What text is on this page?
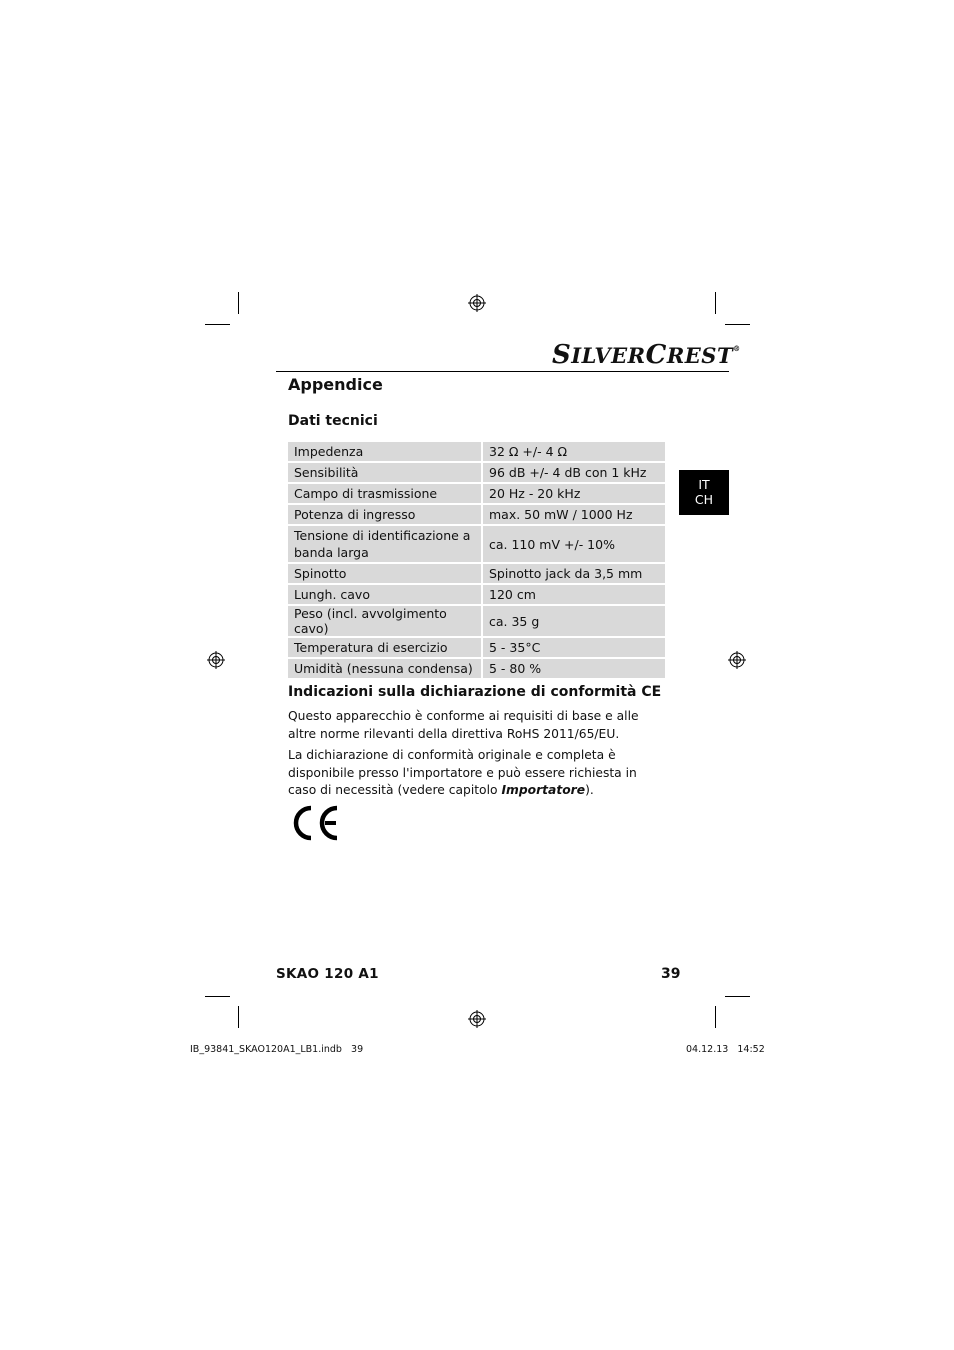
SILVERCREST®
Appendice
Dati tecnici
Impedenza	32 Ω +/- 4 Ω
Sensibilità	96 dB +/- 4 dB con 1 kHz
Campo di trasmissione	20 Hz - 20 kHz
Potenza di ingresso	max. 50 mW / 1000 Hz
Tensione di identificazione a banda larga	ca. 110 mV +/- 10%
Spinotto	Spinotto jack da 3,5 mm
Lungh. cavo	120 cm
Peso (incl. avvolgimento cavo)	ca. 35 g
Temperatura di esercizio	5 - 35°C
Umidità (nessuna condensa)	5 - 80 %
IT
CH
Indicazioni sulla dichiarazione di conformità CE

Questo apparecchio è conforme ai requisiti di base e alle altre norme rilevanti della direttiva RoHS 2011/65/EU.

La dichiarazione di conformità originale e completa è disponibile presso l'importatore e può essere richiesta in caso di necessità (vedere capitolo Importatore).

SKAO 120 A1	39
IB_93841_SKAO120A1_LB1.indb   39	04.12.13   14:52
